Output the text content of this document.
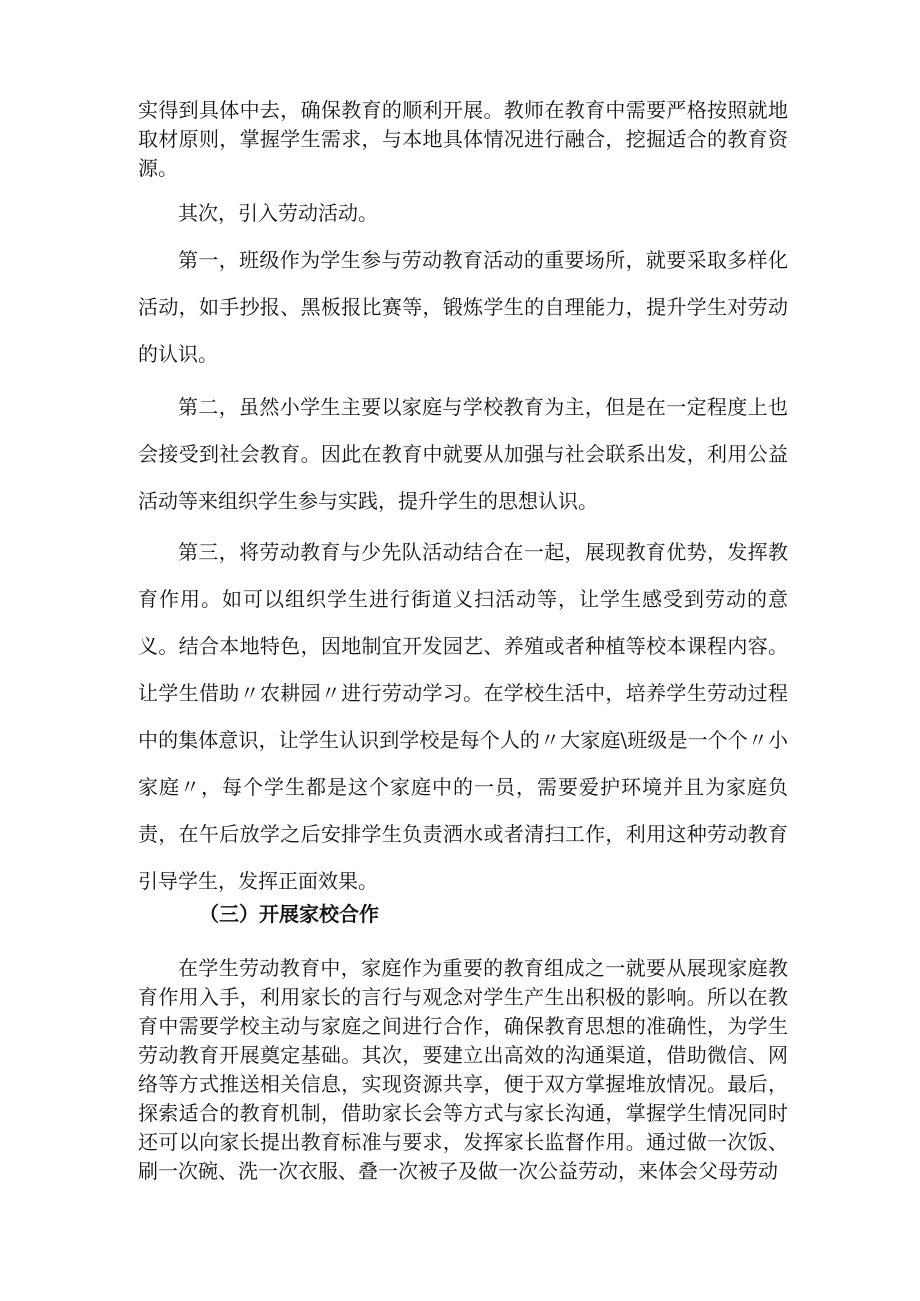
实得到具体中去，确保教育的顺利开展。教师在教育中需要严格按照就地取材原则，掌握学生需求，与本地具体情况进行融合，挖掘适合的教育资源。

其次，引入劳动活动。

第一，班级作为学生参与劳动教育活动的重要场所，就要采取多样化活动，如手抄报、黑板报比赛等，锻炼学生的自理能力，提升学生对劳动的认识。

第二，虽然小学生主要以家庭与学校教育为主，但是在一定程度上也会接受到社会教育。因此在教育中就要从加强与社会联系出发，利用公益活动等来组织学生参与实践，提升学生的思想认识。

第三，将劳动教育与少先队活动结合在一起，展现教育优势，发挥教育作用。如可以组织学生进行街道义扫活动等，让学生感受到劳动的意义。结合本地特色，因地制宜开发园艺、养殖或者种植等校本课程内容。让学生借助〃农耕园〃进行劳动学习。在学校生活中，培养学生劳动过程中的集体意识，让学生认识到学校是每个人的〃大家庭\班级是一个个〃小家庭〃，每个学生都是这个家庭中的一员，需要爱护环境并且为家庭负责，在午后放学之后安排学生负责洒水或者清扫工作，利用这种劳动教育引导学生，发挥正面效果。

（三）开展家校合作

在学生劳动教育中，家庭作为重要的教育组成之一就要从展现家庭教育作用入手，利用家长的言行与观念对学生产生出积极的影响。所以在教育中需要学校主动与家庭之间进行合作，确保教育思想的准确性，为学生劳动教育开展奠定基础。其次，要建立出高效的沟通渠道，借助微信、网络等方式推送相关信息，实现资源共享，便于双方掌握堆放情况。最后，探索适合的教育机制，借助家长会等方式与家长沟通，掌握学生情况同时还可以向家长提出教育标准与要求，发挥家长监督作用。通过做一次饭、刷一次碗、洗一次衣服、叠一次被子及做一次公益劳动，来体会父母劳动
